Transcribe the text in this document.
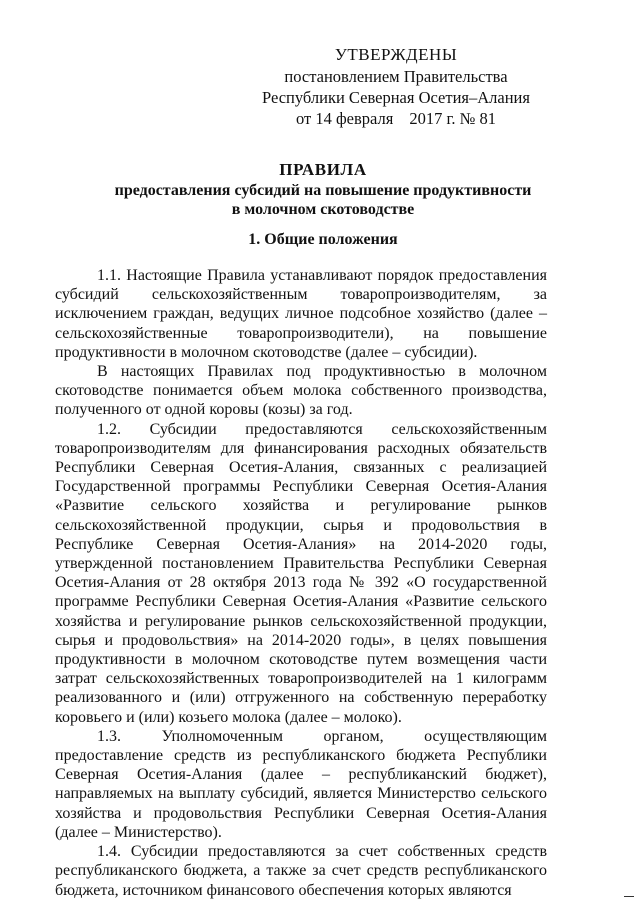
УТВЕРЖДЕНЫ
постановлением Правительства
Республики Северная Осетия–Алания
от 14 февраля 2017 г. № 81
ПРАВИЛА
предоставления субсидий на повышение продуктивности
в молочном скотоводстве
1. Общие положения

1.1. Настоящие Правила устанавливают порядок предоставления субсидий сельскохозяйственным товаропроизводителям, за исключением граждан, ведущих личное подсобное хозяйство (далее – сельскохозяйственные товаропроизводители), на повышение продуктивности в молочном скотоводстве (далее – субсидии).

В настоящих Правилах под продуктивностью в молочном скотоводстве понимается объем молока собственного производства, полученного от одной коровы (козы) за год.

1.2. Субсидии предоставляются сельскохозяйственным товаропроизводителям для финансирования расходных обязательств Республики Северная Осетия-Алания, связанных с реализацией Государственной программы Республики Северная Осетия-Алания «Развитие сельского хозяйства и регулирование рынков сельскохозяйственной продукции, сырья и продовольствия в Республике Северная Осетия-Алания» на 2014-2020 годы, утвержденной постановлением Правительства Республики Северная Осетия-Алания от 28 октября 2013 года № 392 «О государственной программе Республики Северная Осетия-Алания «Развитие сельского хозяйства и регулирование рынков сельскохозяйственной продукции, сырья и продовольствия» на 2014-2020 годы», в целях повышения продуктивности в молочном скотоводстве путем возмещения части затрат сельскохозяйственных товаропроизводителей на 1 килограмм реализованного и (или) отгруженного на собственную переработку коровьего и (или) козьего молока (далее – молоко).

1.3. Уполномоченным органом, осуществляющим предоставление средств из республиканского бюджета Республики Северная Осетия-Алания (далее – республиканский бюджет), направляемых на выплату субсидий, является Министерство сельского хозяйства и продовольствия Республики Северная Осетия-Алания (далее – Министерство).

1.4. Субсидии предоставляются за счет собственных средств республиканского бюджета, а также за счет средств республиканского бюджета, источником финансового обеспечения которых являются
